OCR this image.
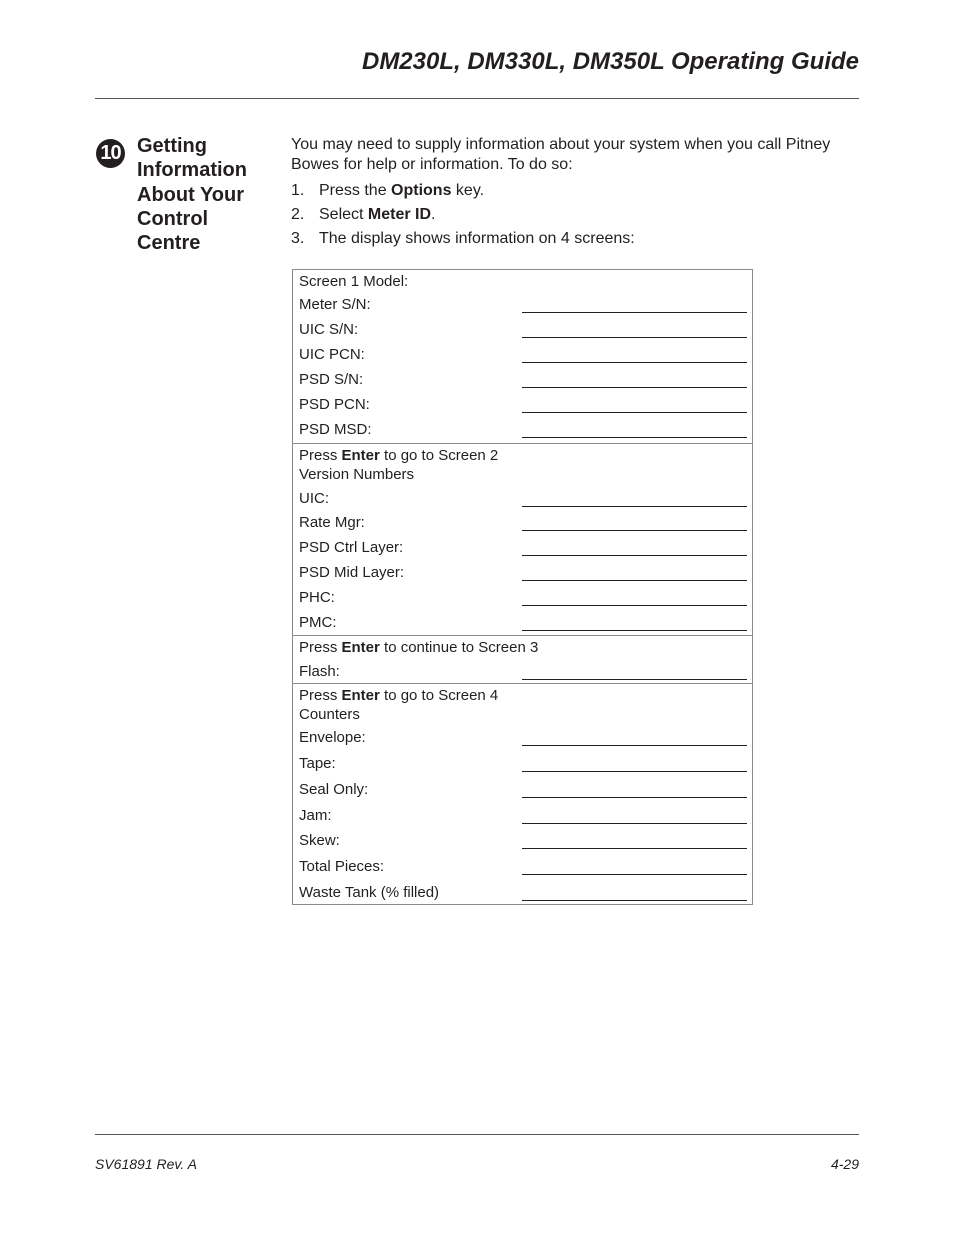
DM230L, DM330L, DM350L Operating Guide
10 Getting
Information
About Your
Control
Centre

You may need to supply information about your system when you call Pitney Bowes for help or information. To do so:

1. Press the Options key.
2. Select Meter ID.
3. The display shows information on 4 screens:
Screen 1 Model:
Meter S/N:
UIC S/N:
UIC PCN:
PSD S/N:
PSD PCN:
PSD MSD:
Press Enter to go to Screen 2
Version Numbers
UIC:
Rate Mgr:
PSD Ctrl Layer:
PSD Mid Layer:
PHC:
PMC:
Press Enter to continue to Screen 3
Flash:
Press Enter to go to Screen 4
Counters
Envelope:
Tape:
Seal Only:
Jam:
Skew:
Total Pieces:
Waste Tank (% filled)
SV61891 Rev. A	4-29
